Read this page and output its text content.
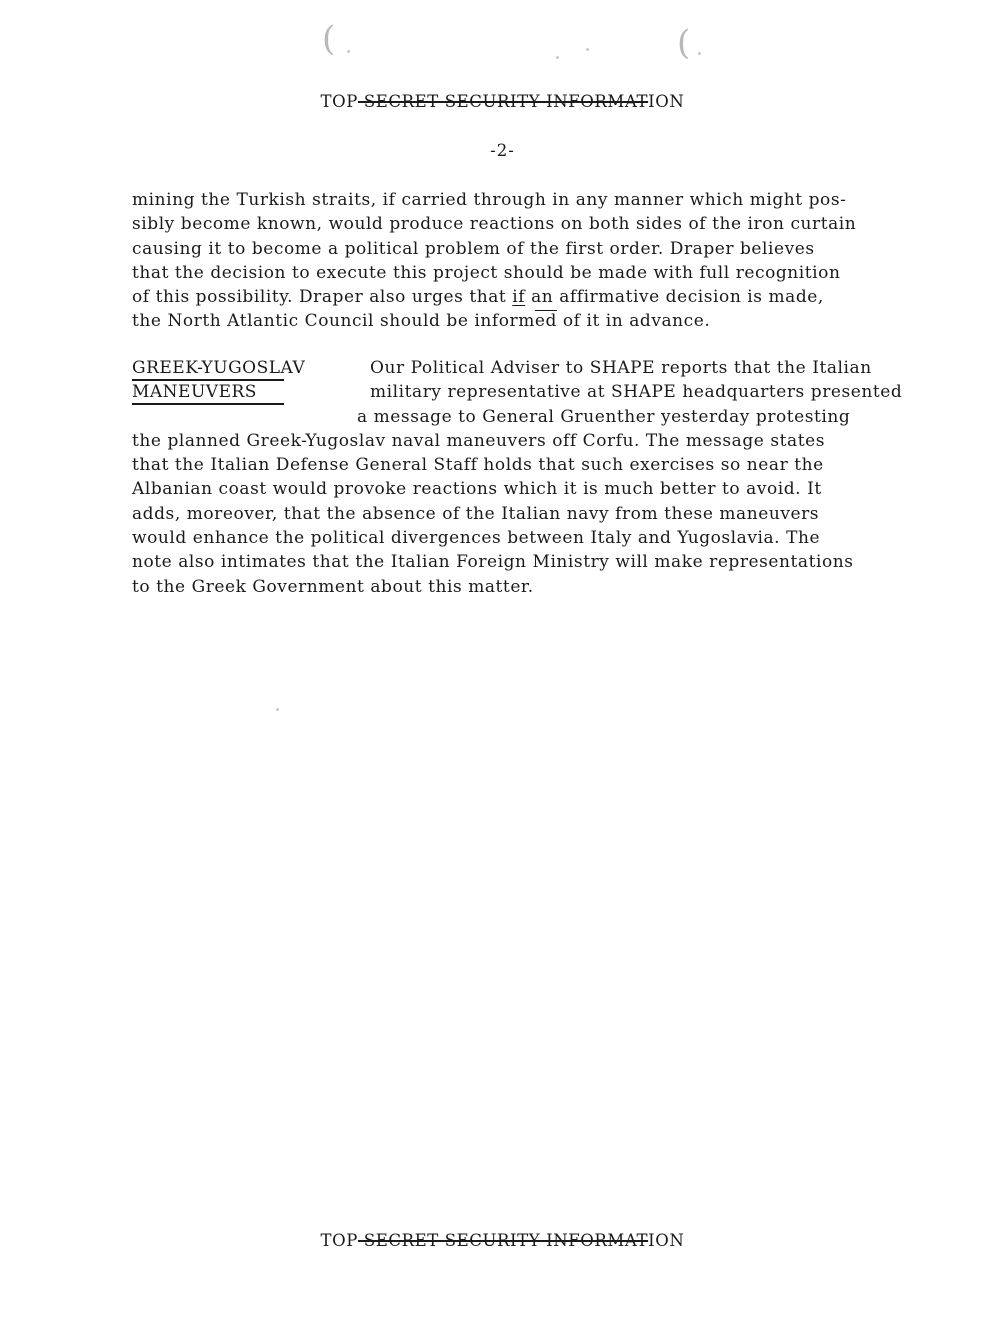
(	(
TOP SECRET SECURITY INFORMATION
-2-

mining the Turkish straits, if carried through in any manner which might pos-
sibly become known, would produce reactions on both sides of the iron curtain
causing it to become a political problem of the first order. Draper believes
that the decision to execute this project should be made with full recognition
of this possibility. Draper also urges that if an affirmative decision is made,
the North Atlantic Council should be $inform\overline{ed}$ of it in advance.

GREEK-YUGOSLAV
MANEUVERS

Our Political Adviser to SHAPE reports that the Italian
military representative at SHAPE headquarters presented
a message to General Gruenther yesterday protesting
the planned Greek-Yugoslav naval maneuvers off Corfu. The message states
that the Italian Defense General Staff holds that such exercises so near the
Albanian coast would provoke reactions which it is much better to avoid. It
adds, moreover, that the absence of the Italian navy from these maneuvers
would enhance the political divergences between Italy and Yugoslavia. The
note also intimates that the Italian Foreign Ministry will make representations
to the Greek Government about this matter.

TOP SECRET SECURITY INFORMATION
